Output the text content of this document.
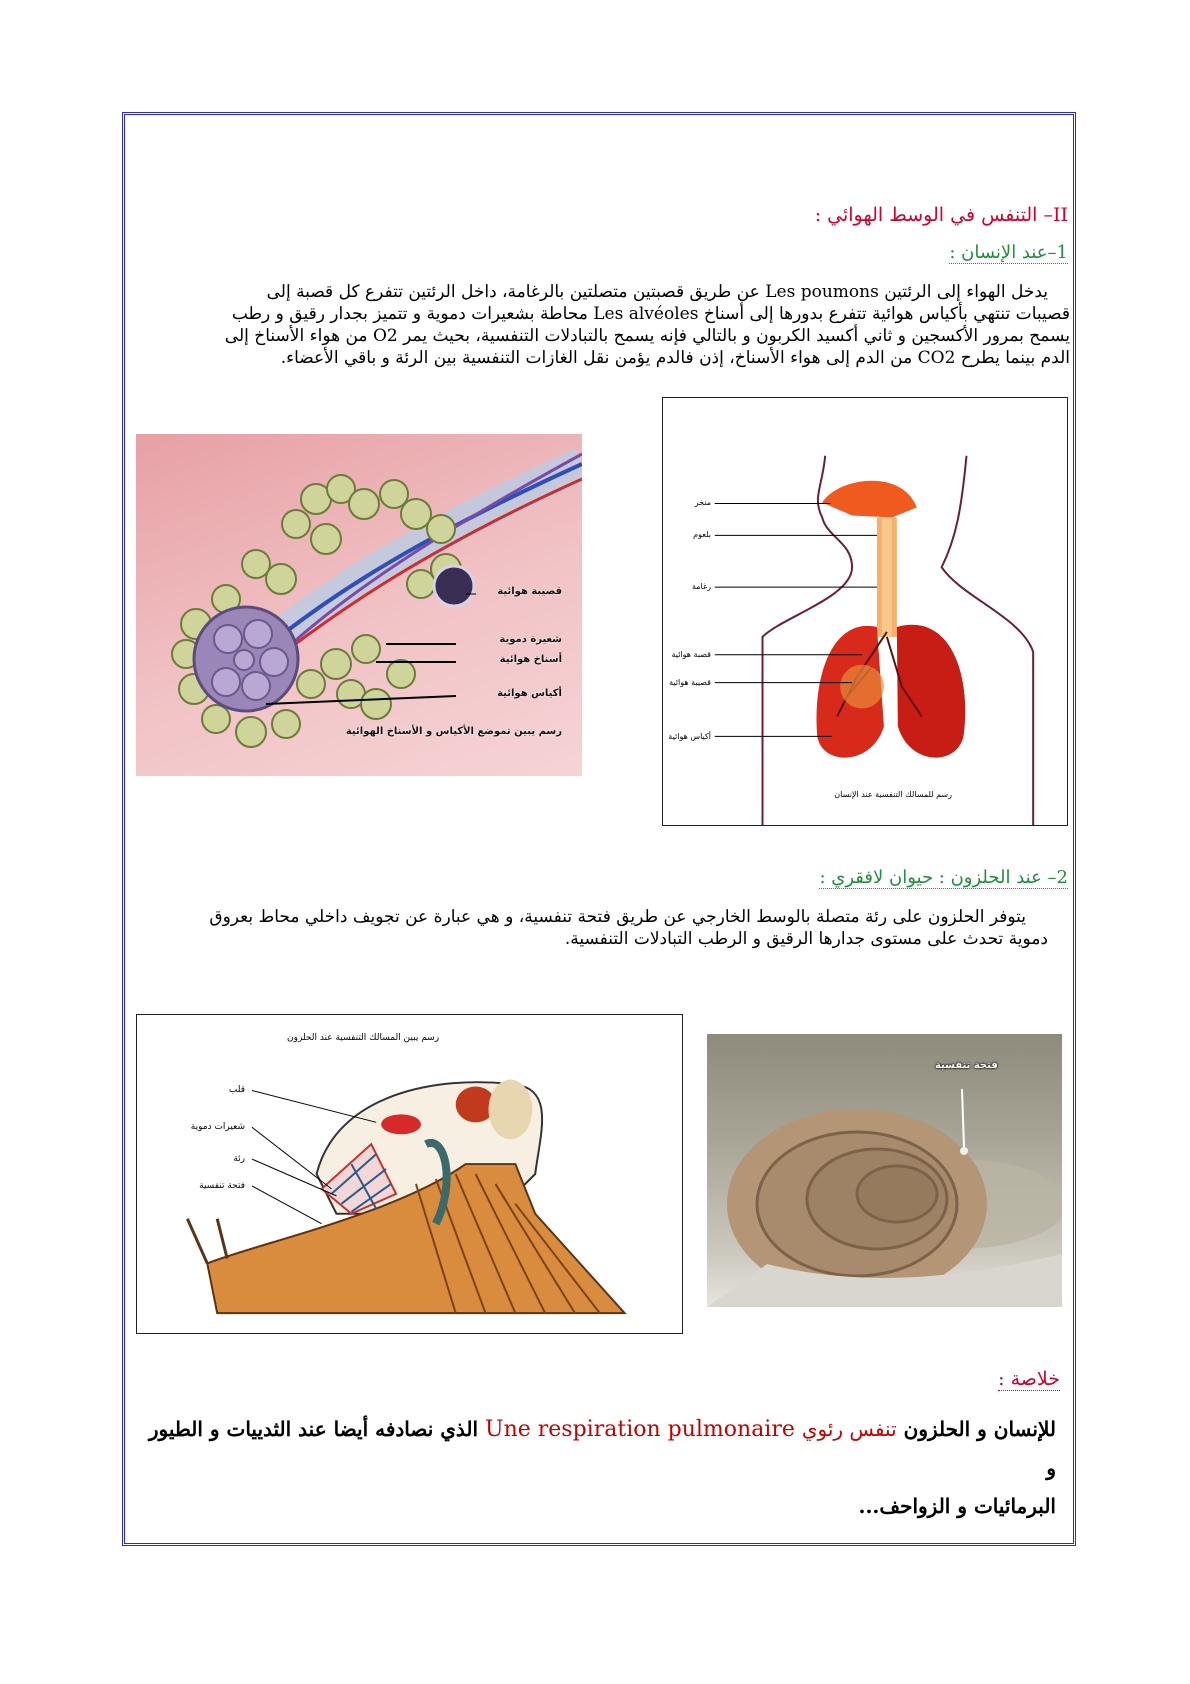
II– التنفس في الوسط الهوائي :
1–عند الإنسان :

يدخل الهواء إلى الرئتين Les poumons عن طريق قصبتين متصلتين بالرغامة، داخل الرئتين تتفرع كل قصبة إلى

قصيبات تنتهي بأكياس هوائية تتفرع بدورها إلى أسناخ Les alvéoles محاطة بشعيرات دموية و تتميز بجدار رقيق و رطب

يسمح بمرور الأكسجين و ثاني أكسيد الكربون و بالتالي فإنه يسمح بالتبادلات التنفسية، بحيث يمر O2 من هواء الأسناخ إلى

الدم بينما يطرح CO2 من الدم إلى هواء الأسناخ، إذن فالدم يؤمن نقل الغازات التنفسية بين الرئة و باقي الأعضاء.

قصيبة هوائية
شعيرة دموية
أسناخ هوائية
أكياس هوائية
رسم يبين تموضع الأكياس و الأسناخ الهوائية
منخر
بلعوم
رغامة
قصبة هوائية
قصيبة هوائية
أكياس هوائية
رسم للمسالك التنفسية عند الإنسان
2– عند الحلزون : حيوان لافقري :

يتوفر الحلزون على رئة متصلة بالوسط الخارجي عن طريق فتحة تنفسية، و هي عبارة عن تجويف داخلي محاط بعروق

دموية تحدث على مستوى جدارها الرقيق و الرطب التبادلات التنفسية.

رسم يبين المسالك التنفسية عند الحلزون
قلب
شعيرات دموية
رئة
فتحة تنفسية
فتحة تنفسية
خلاصة :
للإنسان و الحلزون تنفس رئوي Une respiration pulmonaire الذي نصادفه أيضا عند الثدييات و الطيور و
البرمائيات و الزواحف...
